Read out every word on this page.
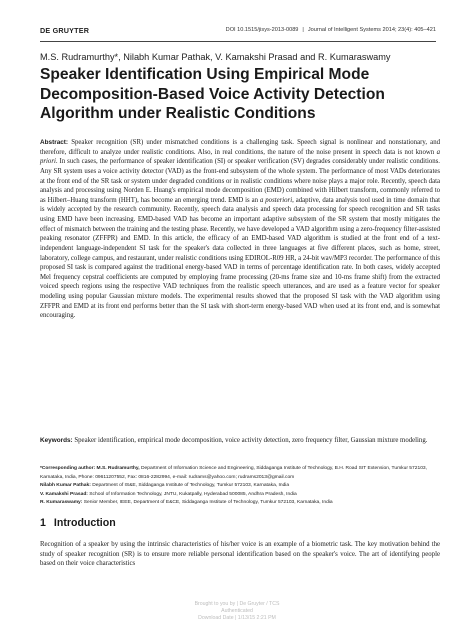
DE GRUYTER	DOI 10.1515/jisys-2013-0089 | Journal of Intelligent Systems 2014; 23(4): 405–421
M.S. Rudramurthy*, Nilabh Kumar Pathak, V. Kamakshi Prasad and R. Kumaraswamy
Speaker Identification Using Empirical Mode
Decomposition-Based Voice Activity Detection
Algorithm under Realistic Conditions
Abstract: Speaker recognition (SR) under mismatched conditions is a challenging task. Speech signal is nonlinear and nonstationary, and therefore, difficult to analyze under realistic conditions. Also, in real conditions, the nature of the noise present in speech data is not known a priori. In such cases, the performance of speaker identification (SI) or speaker verification (SV) degrades considerably under realistic conditions. Any SR system uses a voice activity detector (VAD) as the front-end subsystem of the whole system. The performance of most VADs deteriorates at the front end of the SR task or system under degraded conditions or in realistic conditions where noise plays a major role. Recently, speech data analysis and processing using Norden E. Huang's empirical mode decomposition (EMD) combined with Hilbert transform, commonly referred to as Hilbert–Huang transform (HHT), has become an emerging trend. EMD is an a posteriori, adaptive, data analysis tool used in time domain that is widely accepted by the research community. Recently, speech data analysis and speech data processing for speech recognition and SR tasks using EMD have been increasing. EMD-based VAD has become an important adaptive subsystem of the SR system that mostly mitigates the effect of mismatch between the training and the testing phase. Recently, we have developed a VAD algorithm using a zero-frequency filter-assisted peaking resonator (ZFFPR) and EMD. In this article, the efficacy of an EMD-based VAD algorithm is studied at the front end of a text-independent language-independent SI task for the speaker's data collected in three languages at five different places, such as home, street, laboratory, college campus, and restaurant, under realistic conditions using EDIROL-R09 HR, a 24-bit wav/MP3 recorder. The performance of this proposed SI task is compared against the traditional energy-based VAD in terms of percentage identification rate. In both cases, widely accepted Mel frequency cepstral coefficients are computed by employing frame processing (20-ms frame size and 10-ms frame shift) from the extracted voiced speech regions using the respective VAD techniques from the realistic speech utterances, and are used as a feature vector for speaker modeling using popular Gaussian mixture models. The experimental results showed that the proposed SI task with the VAD algorithm using ZFFPR and EMD at its front end performs better than the SI task with short-term energy-based VAD when used at its front end, and is somewhat encouraging.
Keywords: Speaker identification, empirical mode decomposition, voice activity detection, zero frequency filter, Gaussian mixture modeling.

*Corresponding author: M.S. Rudramurthy, Department of Information Science and Engineering, Siddaganga Institute of Technology, B.H. Road SIT Extension, Tumkur 572103, Karnataka, India, Phone: 09611207552, Fax: 0816-2282994, e-mail: rudrams@yahoo.com; rudrams2013@gmail.com

Nilabh Kumar Pathak: Department of IS&E, Siddaganga Institute of Technology, Tumkur 572103, Karnataka, India

V. Kamakshi Prasad: School of Information Technology, JNTU, Kukatpally, Hyderabad 500085, Andhra Pradesh, India

R. Kumaraswamy: Senior Member, IEEE, Department of E&CE, Siddaganga Institute of Technology, Tumkur 572103, Karnataka, India

1 Introduction
Recognition of a speaker by using the intrinsic characteristics of his/her voice is an example of a biometric task. The key motivation behind the study of speaker recognition (SR) is to ensure more reliable personal identification based on the speaker's voice. The art of identifying people based on their voice characteristics
Brought to you by | De Gruyter / TCS
Authenticated
Download Date | 1/13/15 2:21 PM
